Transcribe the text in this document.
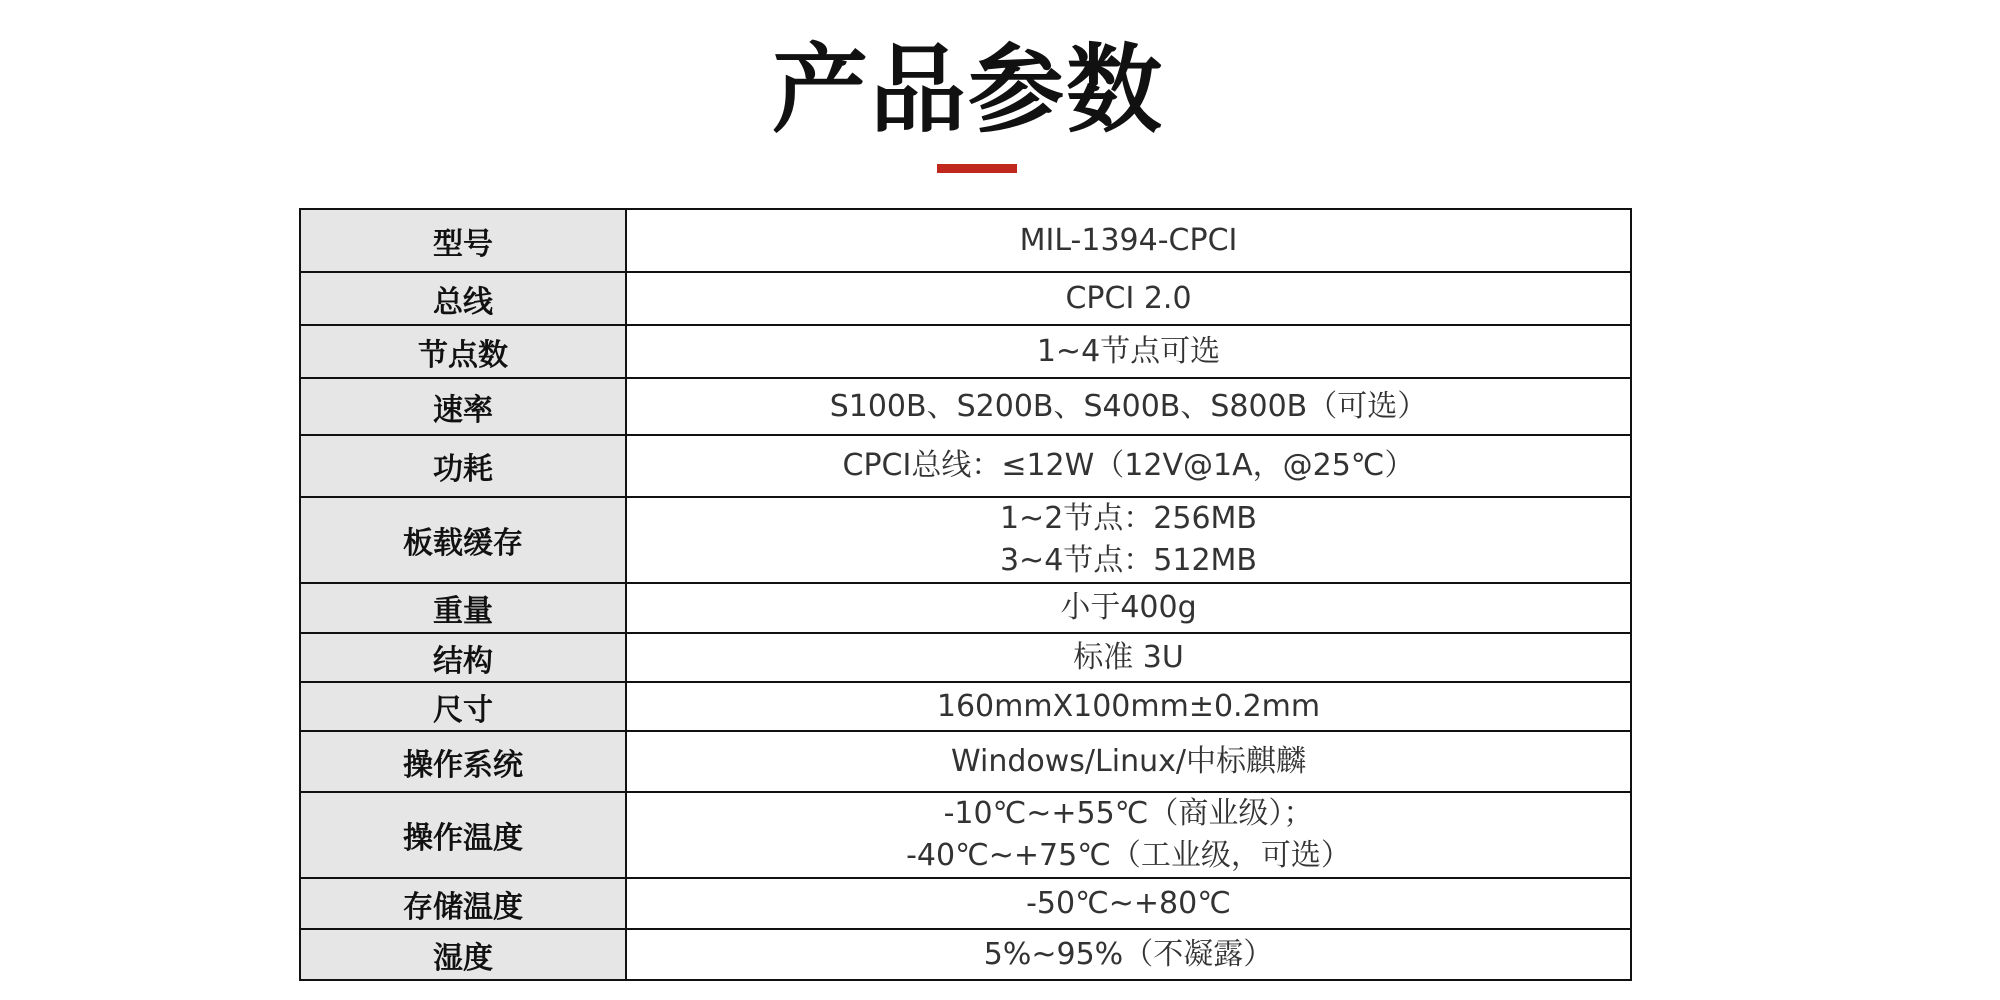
产品参数
型号	MIL-1394-CPCI

总线	CPCI 2.0

节点数	1~4节点可选

速率	S100B、S200B、S400B、S800B（可选）

功耗	CPCI总线：≤12W（12V@1A，@25℃）

板载缓存	1~2节点：256MB
3~4节点：512MB

重量	小于400g

结构	标准 3U

尺寸	160mmX100mm±0.2mm

操作系统	Windows/Linux/中标麒麟

操作温度	-10℃~+55℃（商业级）；
-40℃~+75℃（工业级，可选）

存储温度	-50℃~+80℃

湿度	5%~95%（不凝露）
